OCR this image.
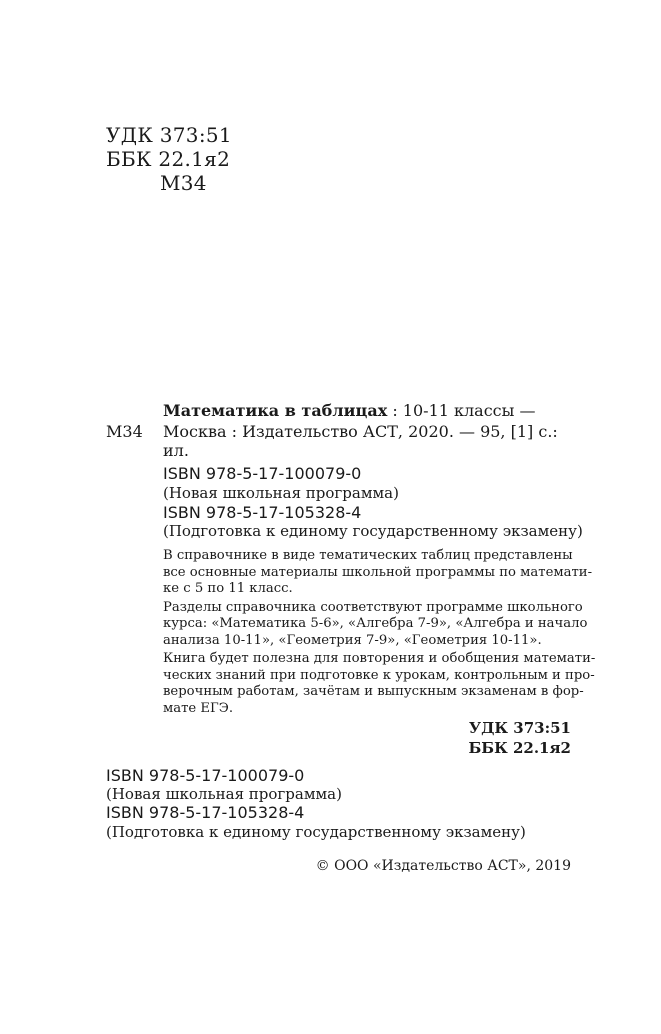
УДК 373:51
ББК 22.1я2
М34
Математика в таблицах : 10-11 классы —
М34 Москва : Издательство АСТ, 2020. — 95, [1] с.:
ил.
ISBN 978-5-17-100079-0
(Новая школьная программа)
ISBN 978-5-17-105328-4
(Подготовка к единому государственному экзамену)
В справочнике в виде тематических таблиц представлены
все основные материалы школьной программы по математи-
ке с 5 по 11 класс.
Разделы справочника соответствуют программе школьного
курса: «Математика 5-6», «Алгебра 7-9», «Алгебра и начало
анализа 10-11», «Геометрия 7-9», «Геометрия 10-11».
Книга будет полезна для повторения и обобщения математи-
ческих знаний при подготовке к урокам, контрольным и про-
верочным работам, зачётам и выпускным экзаменам в фор-
мате ЕГЭ.
УДК 373:51
ББК 22.1я2
ISBN 978-5-17-100079-0
(Новая школьная программа)
ISBN 978-5-17-105328-4
(Подготовка к единому государственному экзамену)
© ООО «Издательство АСТ», 2019
